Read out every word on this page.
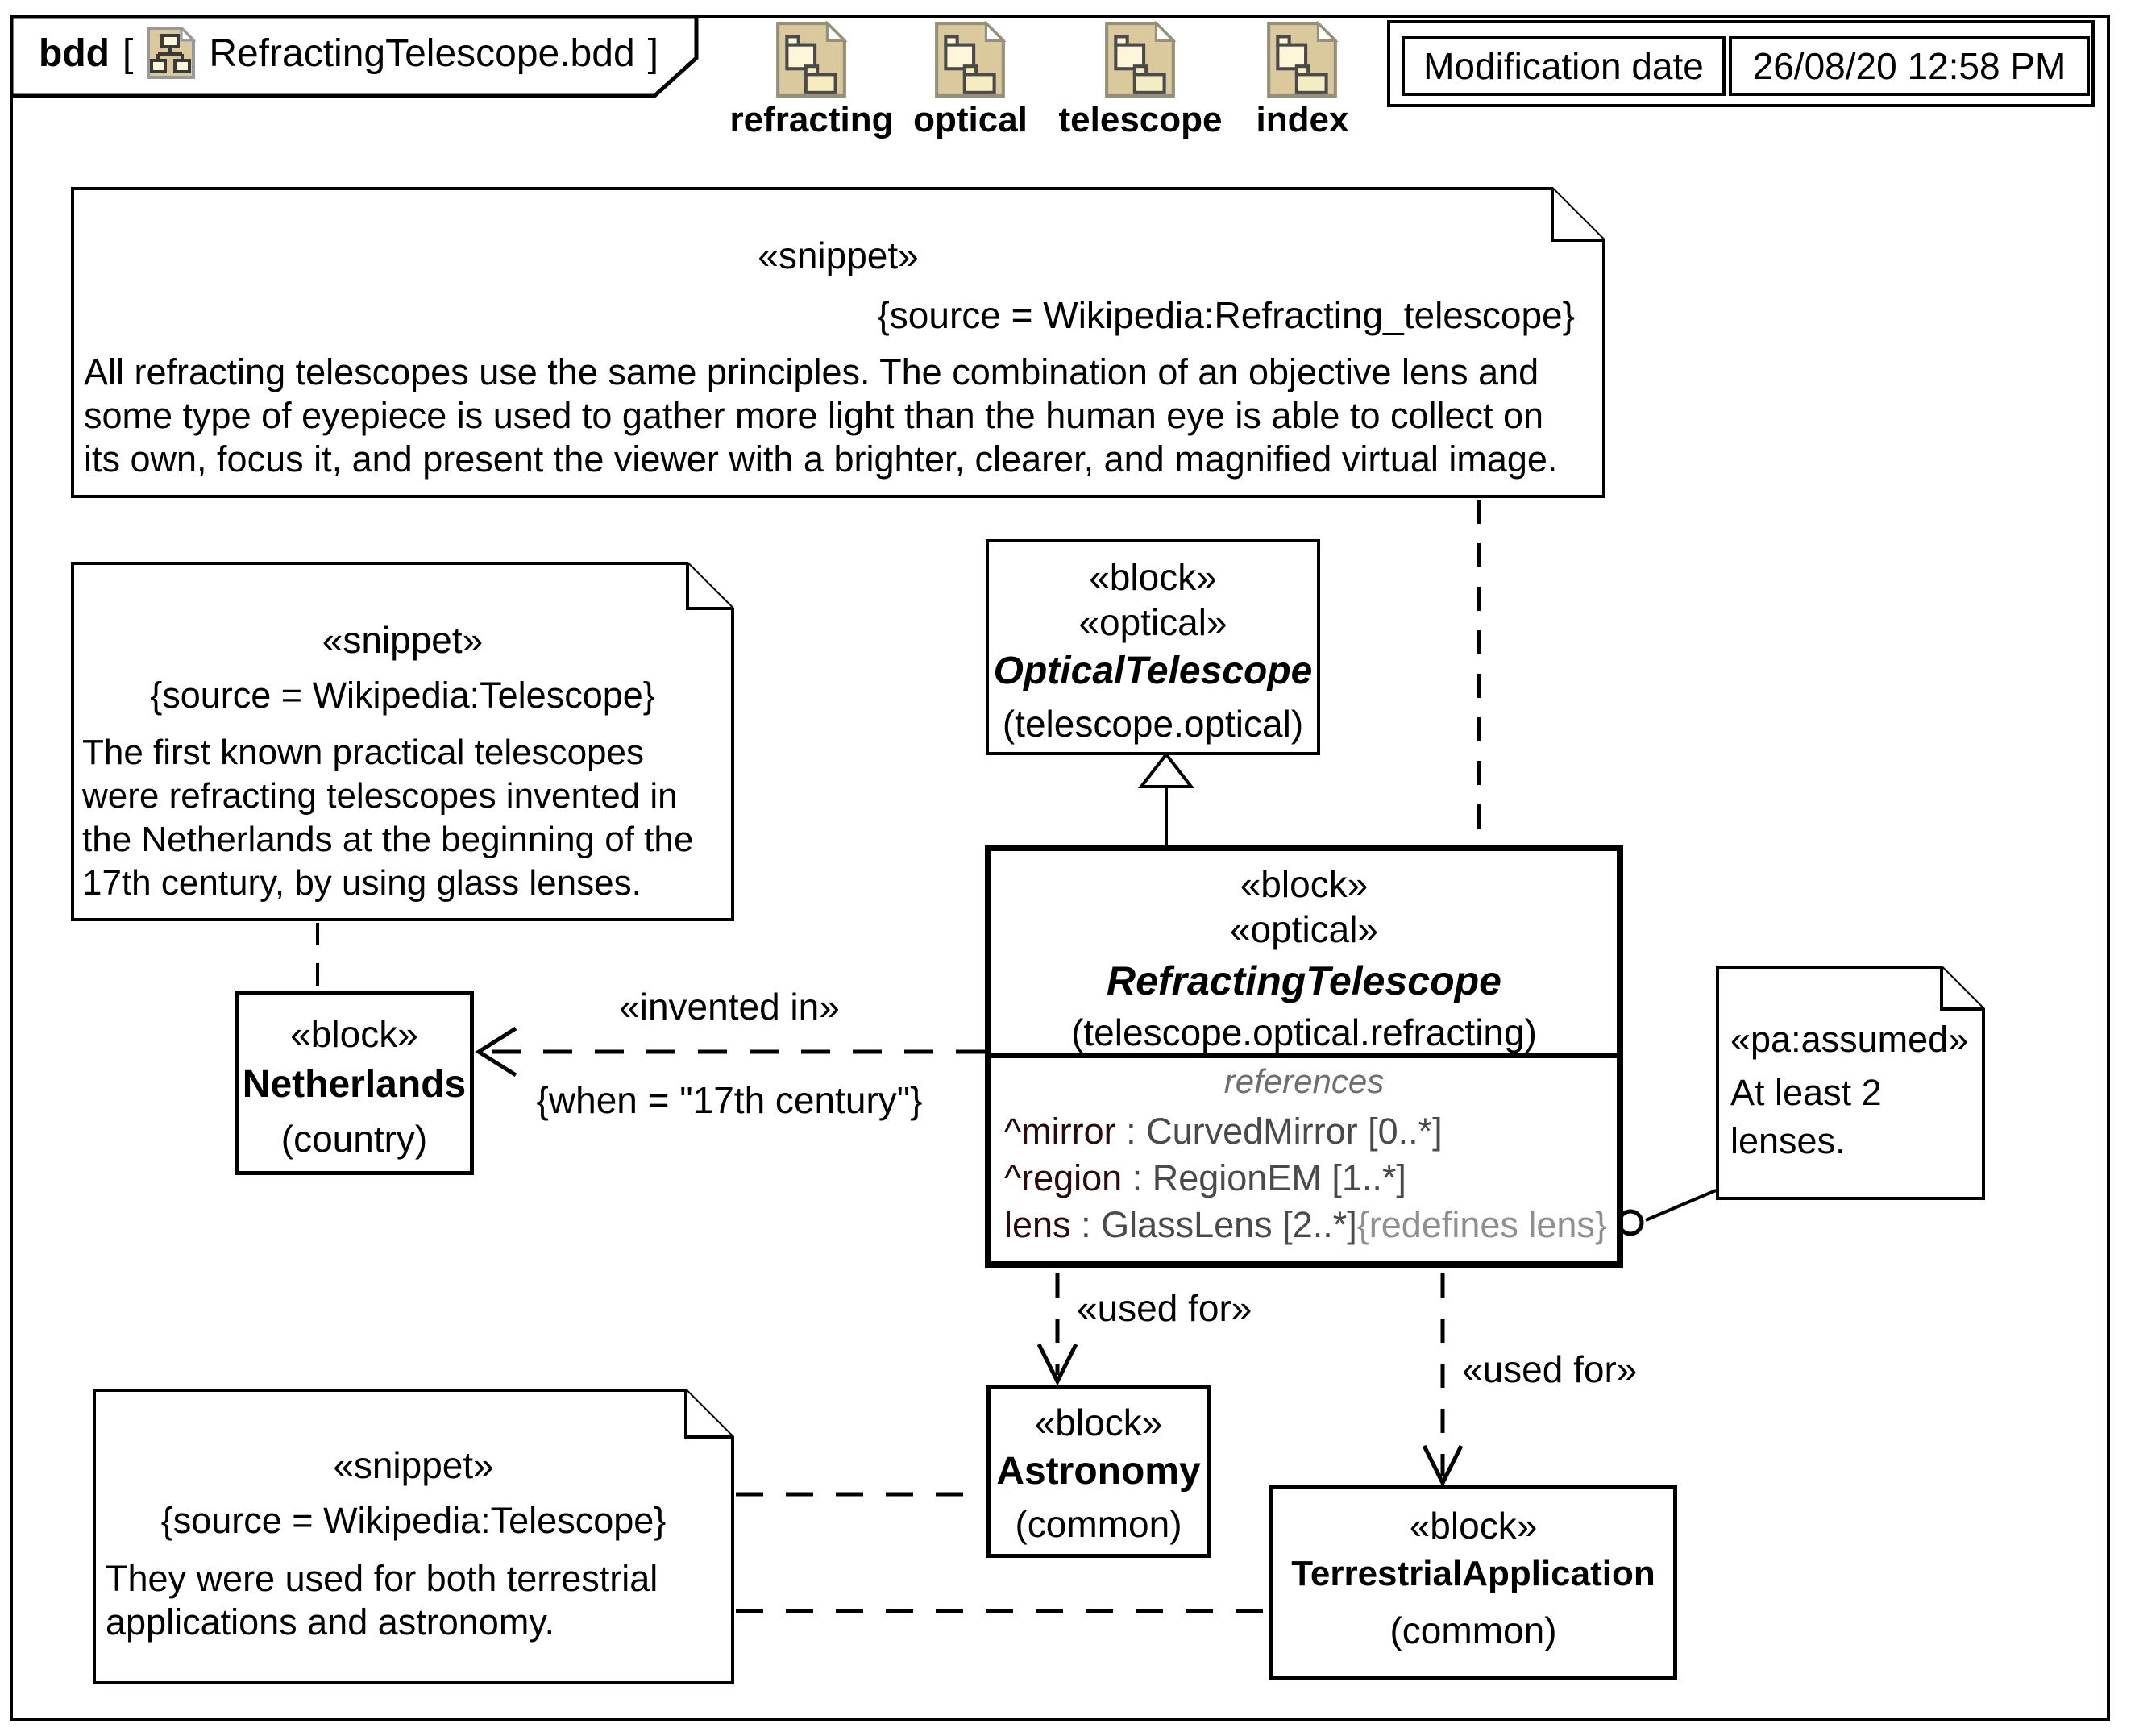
bdd [ RefractingTelescope.bdd ]
refracting optical telescope index
Modification date	26/08/20 12:58 PM
«snippet»
{source = Wikipedia:Refracting_telescope}
All refracting telescopes use the same principles. The combination of an objective lens and
some type of eyepiece is used to gather more light than the human eye is able to collect on
its own, focus it, and present the viewer with a brighter, clearer, and magnified virtual image.
«snippet»
{source = Wikipedia:Telescope}
The first known practical telescopes
were refracting telescopes invented in
the Netherlands at the beginning of the
17th century, by using glass lenses.
«snippet»
{source = Wikipedia:Telescope}
They were used for both terrestrial
applications and astronomy.
«pa:assumed»
At least 2
lenses.
«block»
«optical»
OpticalTelescope
(telescope.optical)
«block»
«optical»
RefractingTelescope
(telescope.optical.refracting)
references
^mirror : CurvedMirror [0..*]
^region : RegionEM [1..*]
lens : GlassLens [2..*]{redefines lens}
«block»
Netherlands
(country)
«block»
Astronomy
(common)	«block»
TerrestrialApplication
(common)
«invented in»
{when = "17th century"}
«used for»
«used for»
